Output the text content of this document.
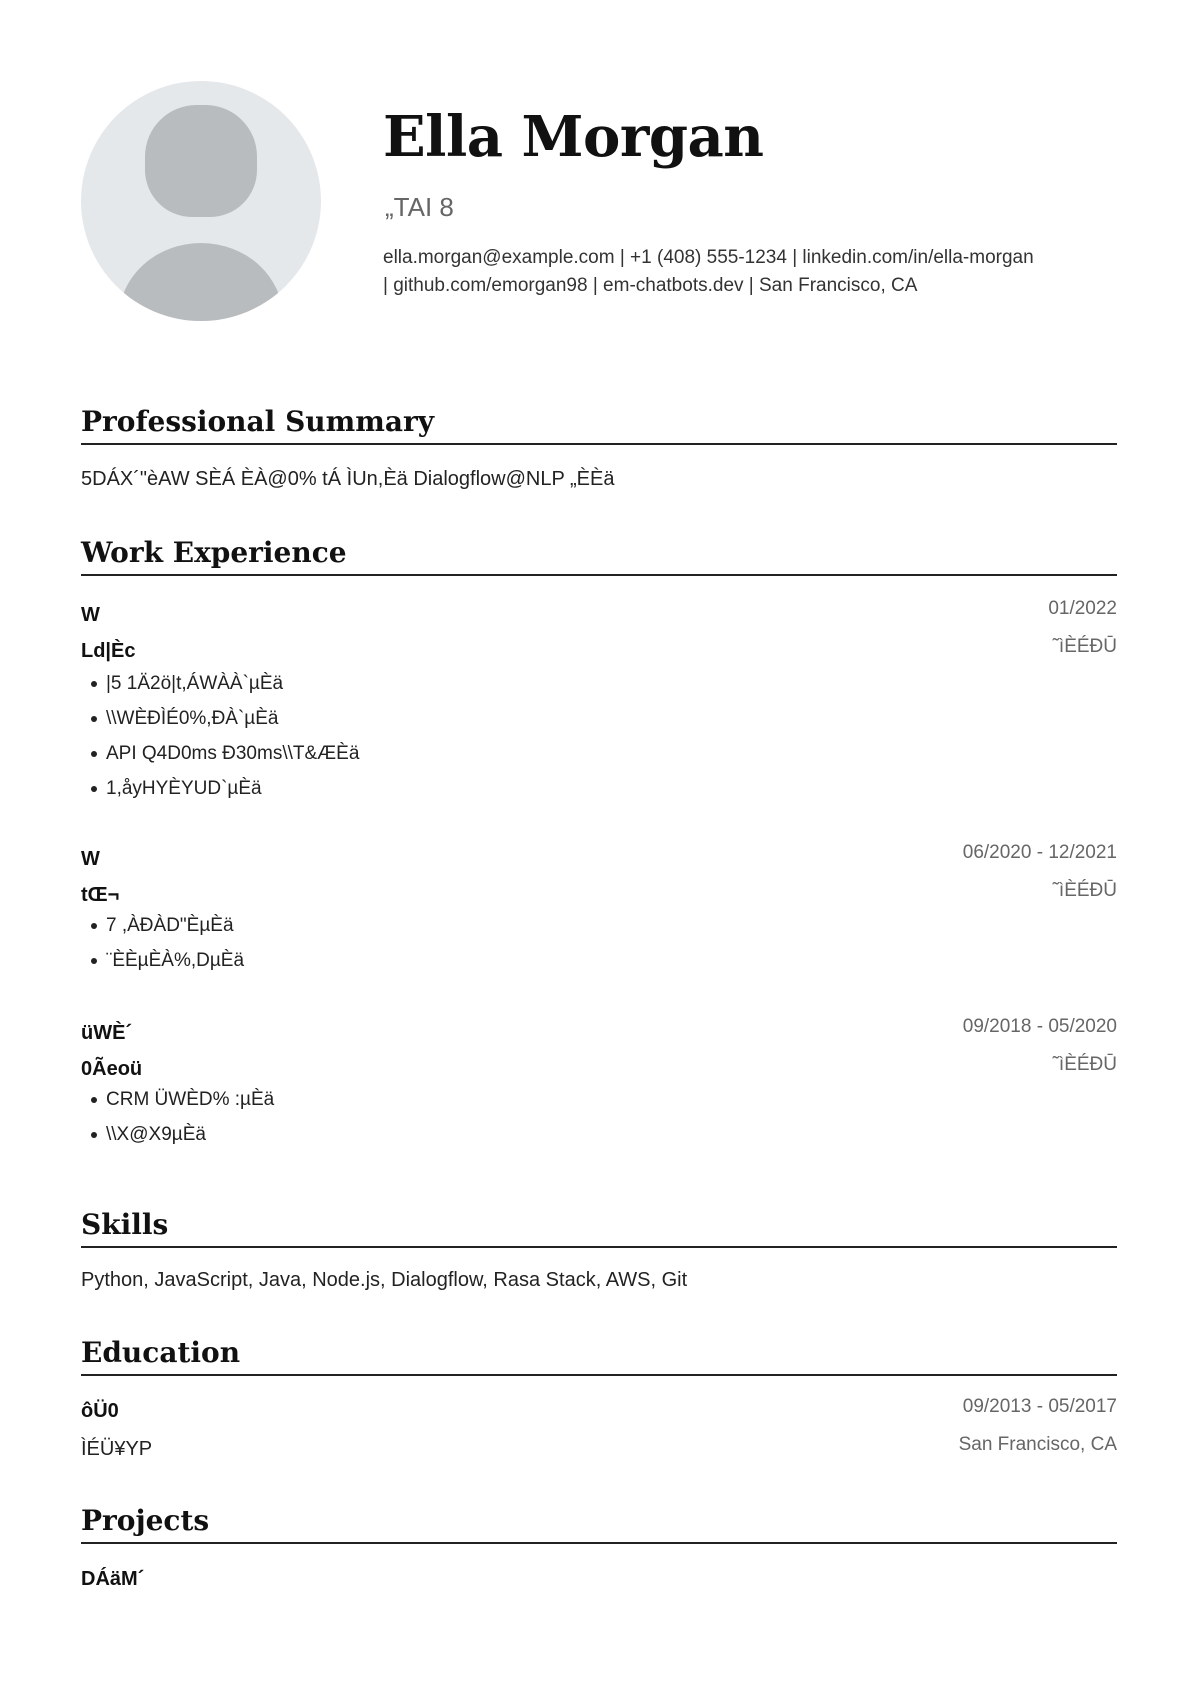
Ella Morgan
„TAI 8
ella.morgan@example.com | +1 (408) 555-1234 | linkedin.com/in/ella-morgan
| github.com/emorgan98 | em-chatbots.dev | San Francisco, CA
Professional Summary
5DÁX´"èAW SÈÁ ÈÀ@0% tÁ ÌUn,Èä Dialogflow@NLP „ÈÈä
Work Experience
W	01/2022
Ld|Èc	˜ìÈÉÐŪ
|5 1Ä2ö|t,ÁWÀÀ`µÈä
\\WÈÐÌÉ0%,ÐÀ`µÈä
API Q4D0ms Ð30ms\\T&ÆÈä
1,åyHYÈYUD`µÈä
W	06/2020 - 12/2021
tŒ¬	˜ìÈÉÐŪ
7 ,ÀÐÀD"ÈµÈä
¨ÈÈµÈÀ%,DµÈä
üWÈ´	09/2018 - 05/2020
0Ãeoü	˜ìÈÉÐŪ
CRM ÜWÈD% :µÈä
\\X@X9µÈä
Skills
Python, JavaScript, Java, Node.js, Dialogflow, Rasa Stack, AWS, Git
Education
ôÜ0	09/2013 - 05/2017
ÌÉÜ¥YP	San Francisco, CA
Projects
DÁäM´
